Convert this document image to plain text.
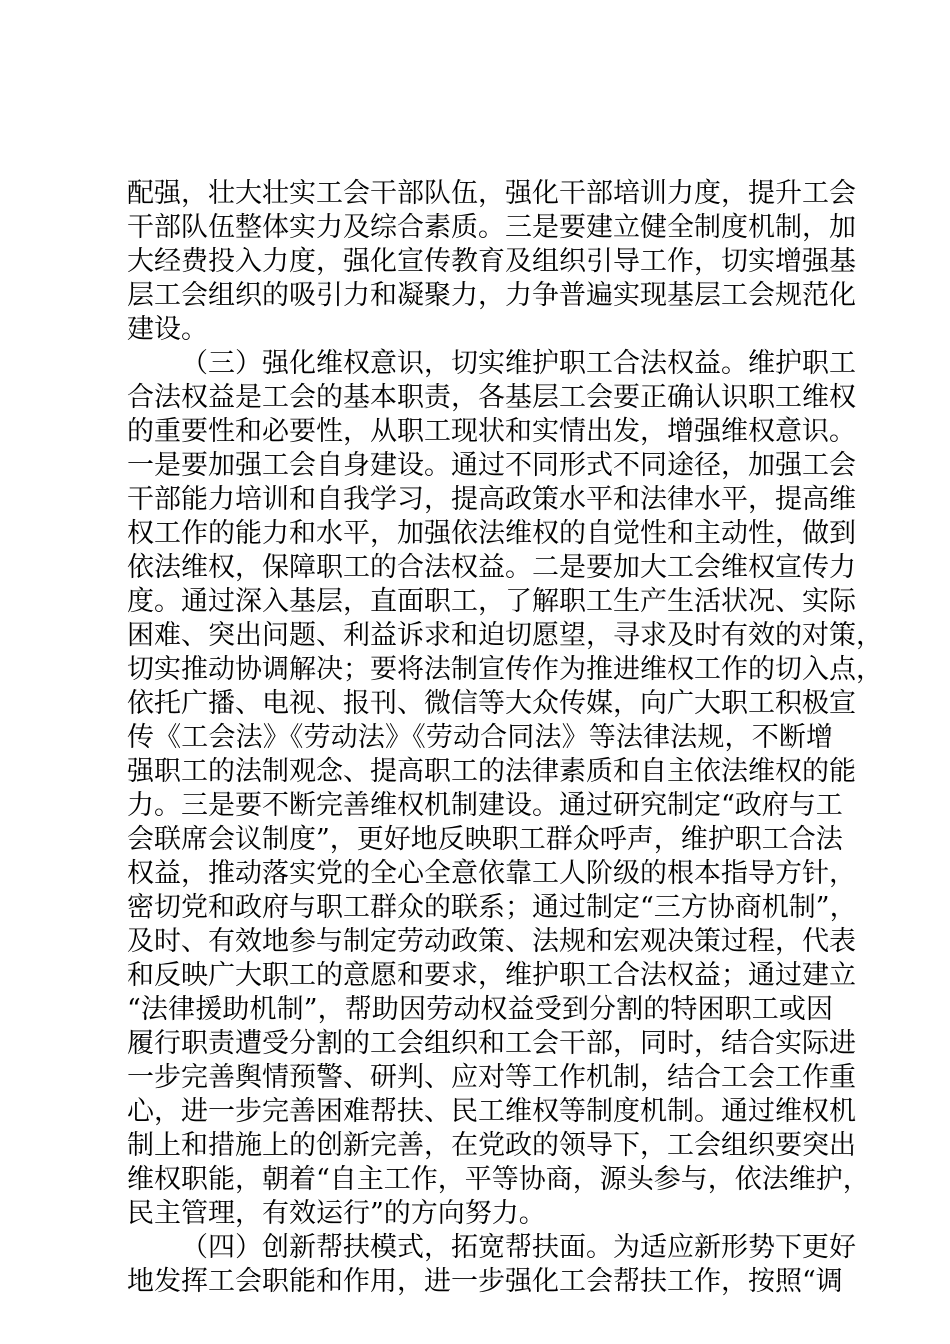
配强，壮大壮实工会干部队伍，强化干部培训力度，提升工会
干部队伍整体实力及综合素质。三是要建立健全制度机制，加
大经费投入力度，强化宣传教育及组织引导工作，切实增强基
层工会组织的吸引力和凝聚力，力争普遍实现基层工会规范化
建设。
（三）强化维权意识，切实维护职工合法权益。维护职工
合法权益是工会的基本职责，各基层工会要正确认识职工维权
的重要性和必要性，从职工现状和实情出发，增强维权意识。
一是要加强工会自身建设。通过不同形式不同途径，加强工会
干部能力培训和自我学习，提高政策水平和法律水平，提高维
权工作的能力和水平，加强依法维权的自觉性和主动性，做到
依法维权，保障职工的合法权益。二是要加大工会维权宣传力
度。通过深入基层，直面职工，了解职工生产生活状况、实际
困难、突出问题、利益诉求和迫切愿望，寻求及时有效的对策，
切实推动协调解决；要将法制宣传作为推进维权工作的切入点，
依托广播、电视、报刊、微信等大众传媒，向广大职工积极宣
传《工会法》《劳动法》《劳动合同法》等法律法规，不断增
强职工的法制观念、提高职工的法律素质和自主依法维权的能
力。三是要不断完善维权机制建设。通过研究制定“政府与工
会联席会议制度”，更好地反映职工群众呼声，维护职工合法
权益，推动落实党的全心全意依靠工人阶级的根本指导方针，
密切党和政府与职工群众的联系；通过制定“三方协商机制”，
及时、有效地参与制定劳动政策、法规和宏观决策过程，代表
和反映广大职工的意愿和要求，维护职工合法权益；通过建立
“法律援助机制”，帮助因劳动权益受到分割的特困职工或因
履行职责遭受分割的工会组织和工会干部，同时，结合实际进
一步完善舆情预警、研判、应对等工作机制，结合工会工作重
心，进一步完善困难帮扶、民工维权等制度机制。通过维权机
制上和措施上的创新完善，在党政的领导下，工会组织要突出
维权职能，朝着“自主工作，平等协商，源头参与，依法维护，
民主管理，有效运行”的方向努力。
（四）创新帮扶模式，拓宽帮扶面。为适应新形势下更好
地发挥工会职能和作用，进一步强化工会帮扶工作，按照“调
